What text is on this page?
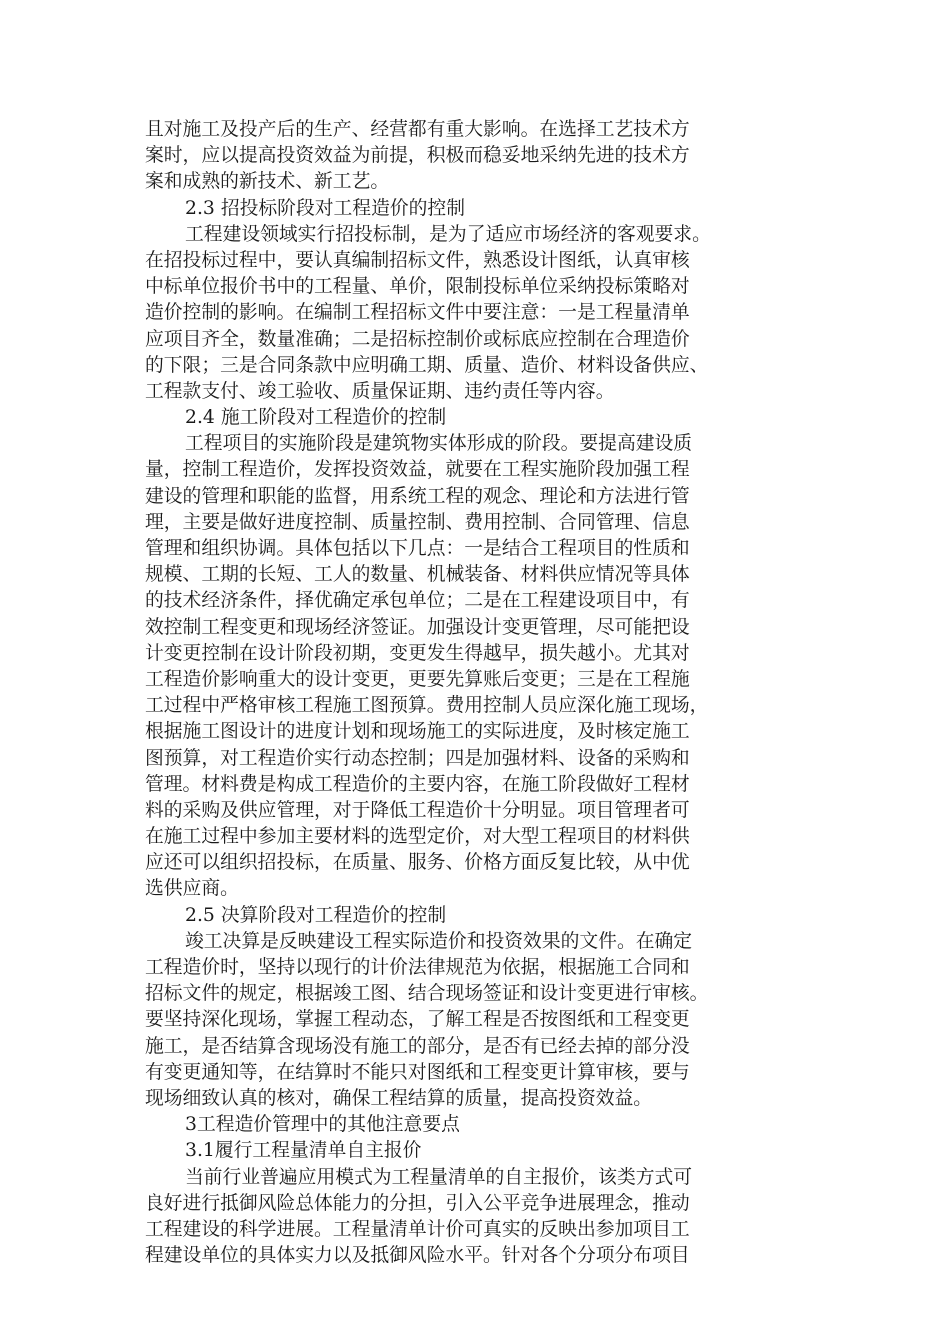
且对施工及投产后的生产、经营都有重大影响。在选择工艺技术方
案时，应以提高投资效益为前提，积极而稳妥地采纳先进的技术方
案和成熟的新技术、新工艺。
2.3 招投标阶段对工程造价的控制
工程建设领域实行招投标制，是为了适应市场经济的客观要求。
在招投标过程中，要认真编制招标文件，熟悉设计图纸，认真审核
中标单位报价书中的工程量、单价，限制投标单位采纳投标策略对
造价控制的影响。在编制工程招标文件中要注意：一是工程量清单
应项目齐全，数量准确；二是招标控制价或标底应控制在合理造价
的下限；三是合同条款中应明确工期、质量、造价、材料设备供应、
工程款支付、竣工验收、质量保证期、违约责任等内容。
2.4 施工阶段对工程造价的控制
工程项目的实施阶段是建筑物实体形成的阶段。要提高建设质
量，控制工程造价，发挥投资效益，就要在工程实施阶段加强工程
建设的管理和职能的监督，用系统工程的观念、理论和方法进行管
理，主要是做好进度控制、质量控制、费用控制、合同管理、信息
管理和组织协调。具体包括以下几点：一是结合工程项目的性质和
规模、工期的长短、工人的数量、机械装备、材料供应情况等具体
的技术经济条件，择优确定承包单位；二是在工程建设项目中，有
效控制工程变更和现场经济签证。加强设计变更管理，尽可能把设
计变更控制在设计阶段初期，变更发生得越早，损失越小。尤其对
工程造价影响重大的设计变更，更要先算账后变更；三是在工程施
工过程中严格审核工程施工图预算。费用控制人员应深化施工现场，
根据施工图设计的进度计划和现场施工的实际进度，及时核定施工
图预算，对工程造价实行动态控制；四是加强材料、设备的采购和
管理。材料费是构成工程造价的主要内容，在施工阶段做好工程材
料的采购及供应管理，对于降低工程造价十分明显。项目管理者可
在施工过程中参加主要材料的选型定价，对大型工程项目的材料供
应还可以组织招投标，在质量、服务、价格方面反复比较，从中优
选供应商。
2.5 决算阶段对工程造价的控制
竣工决算是反映建设工程实际造价和投资效果的文件。在确定
工程造价时，坚持以现行的计价法律规范为依据，根据施工合同和
招标文件的规定，根据竣工图、结合现场签证和设计变更进行审核。
要坚持深化现场，掌握工程动态，了解工程是否按图纸和工程变更
施工，是否结算含现场没有施工的部分，是否有已经去掉的部分没
有变更通知等，在结算时不能只对图纸和工程变更计算审核，要与
现场细致认真的核对，确保工程结算的质量，提高投资效益。
3工程造价管理中的其他注意要点
3.1履行工程量清单自主报价
当前行业普遍应用模式为工程量清单的自主报价，该类方式可
良好进行抵御风险总体能力的分担，引入公平竞争进展理念，推动
工程建设的科学进展。工程量清单计价可真实的反映出参加项目工
程建设单位的具体实力以及抵御风险水平。针对各个分项分布项目
